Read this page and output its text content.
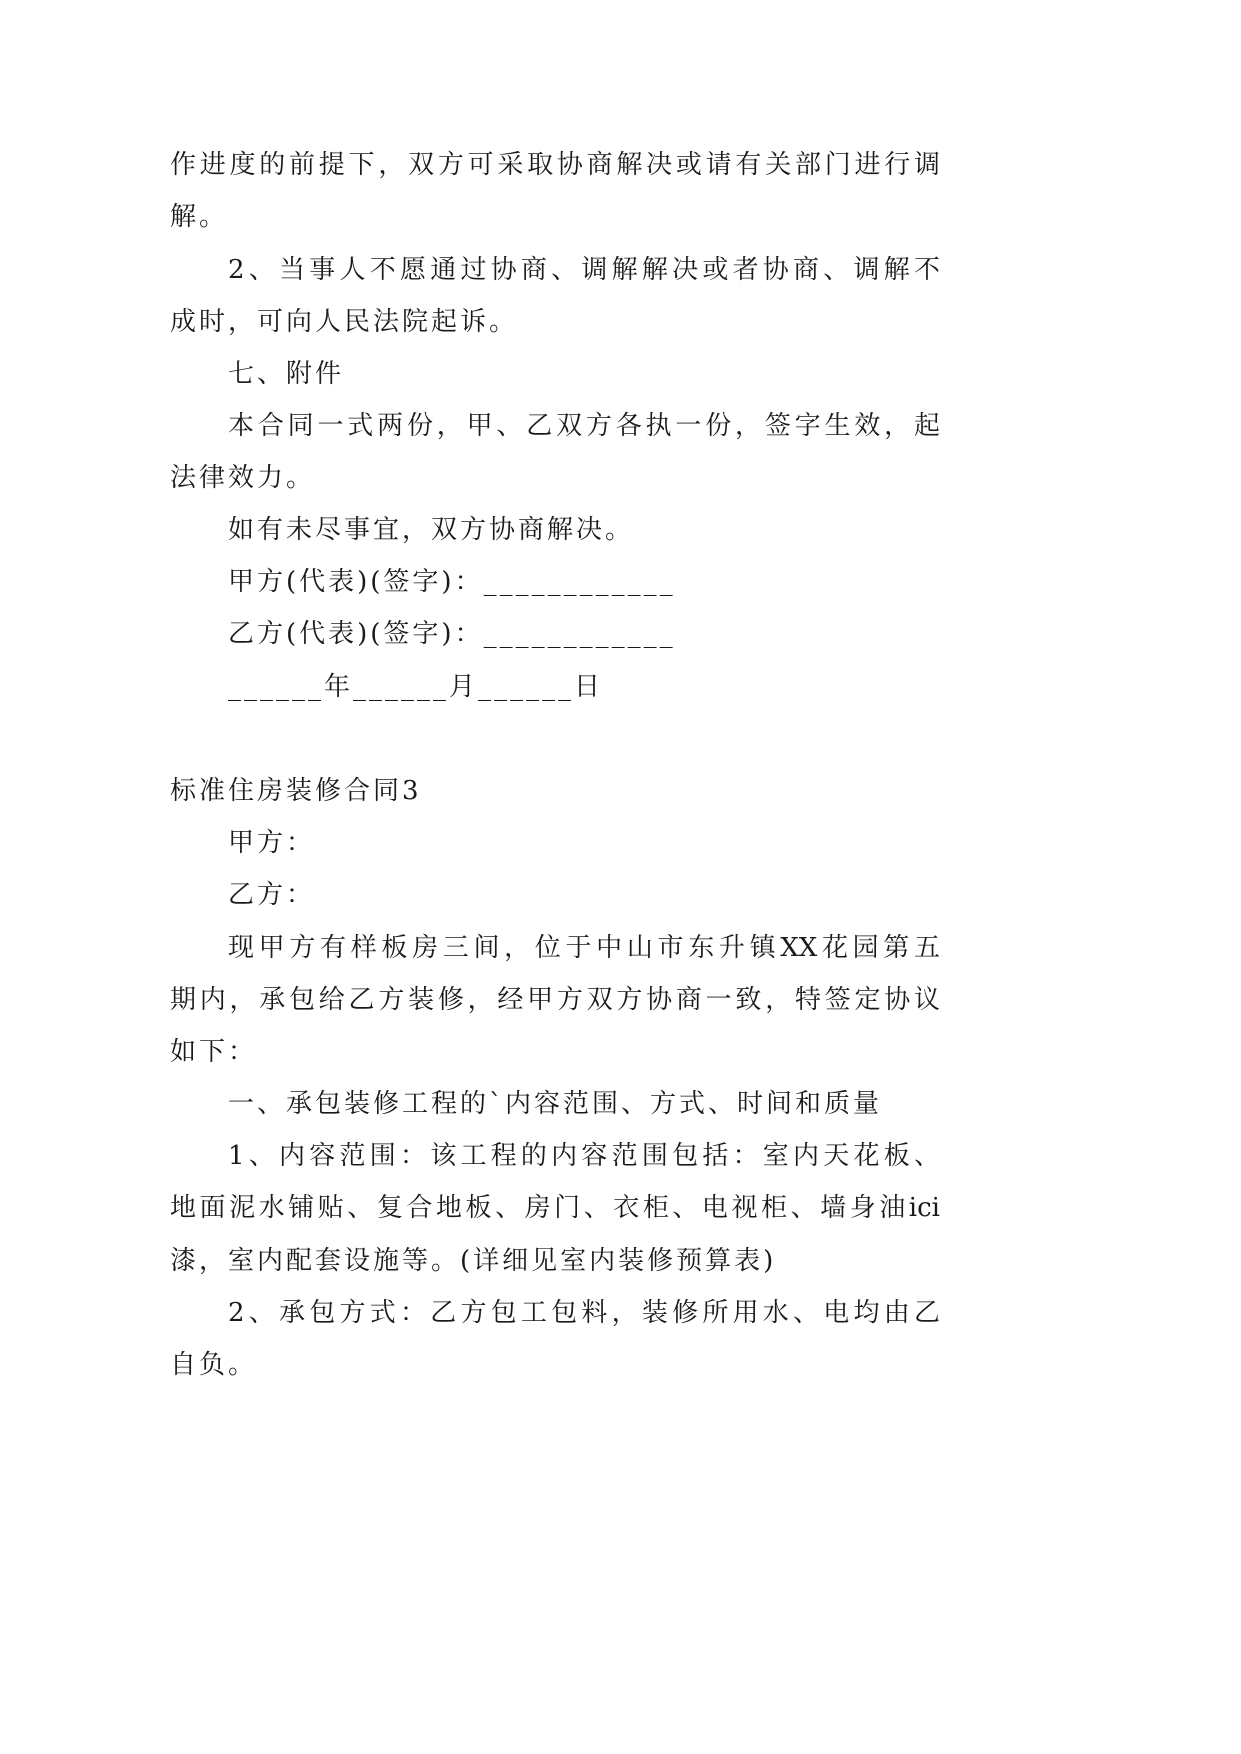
作进度的前提下，双方可采取协商解决或请有关部门进行调
解。
2、当事人不愿通过协商、调解解决或者协商、调解不
成时，可向人民法院起诉。
七、附件
本合同一式两份，甲、乙双方各执一份，签字生效，起
法律效力。
如有未尽事宜，双方协商解决。
甲方(代表)(签字)：____________
乙方(代表)(签字)：____________
______年______月______日
标准住房装修合同3
甲方：
乙方：
现甲方有样板房三间，位于中山市东升镇XX花园第五
期内，承包给乙方装修，经甲方双方协商一致，特签定协议
如下：
一、承包装修工程的`内容范围、方式、时间和质量
1、内容范围：该工程的内容范围包括：室内天花板、
地面泥水铺贴、复合地板、房门、衣柜、电视柜、墙身油ici
漆，室内配套设施等。(详细见室内装修预算表)
2、承包方式：乙方包工包料，装修所用水、电均由乙
自负。
